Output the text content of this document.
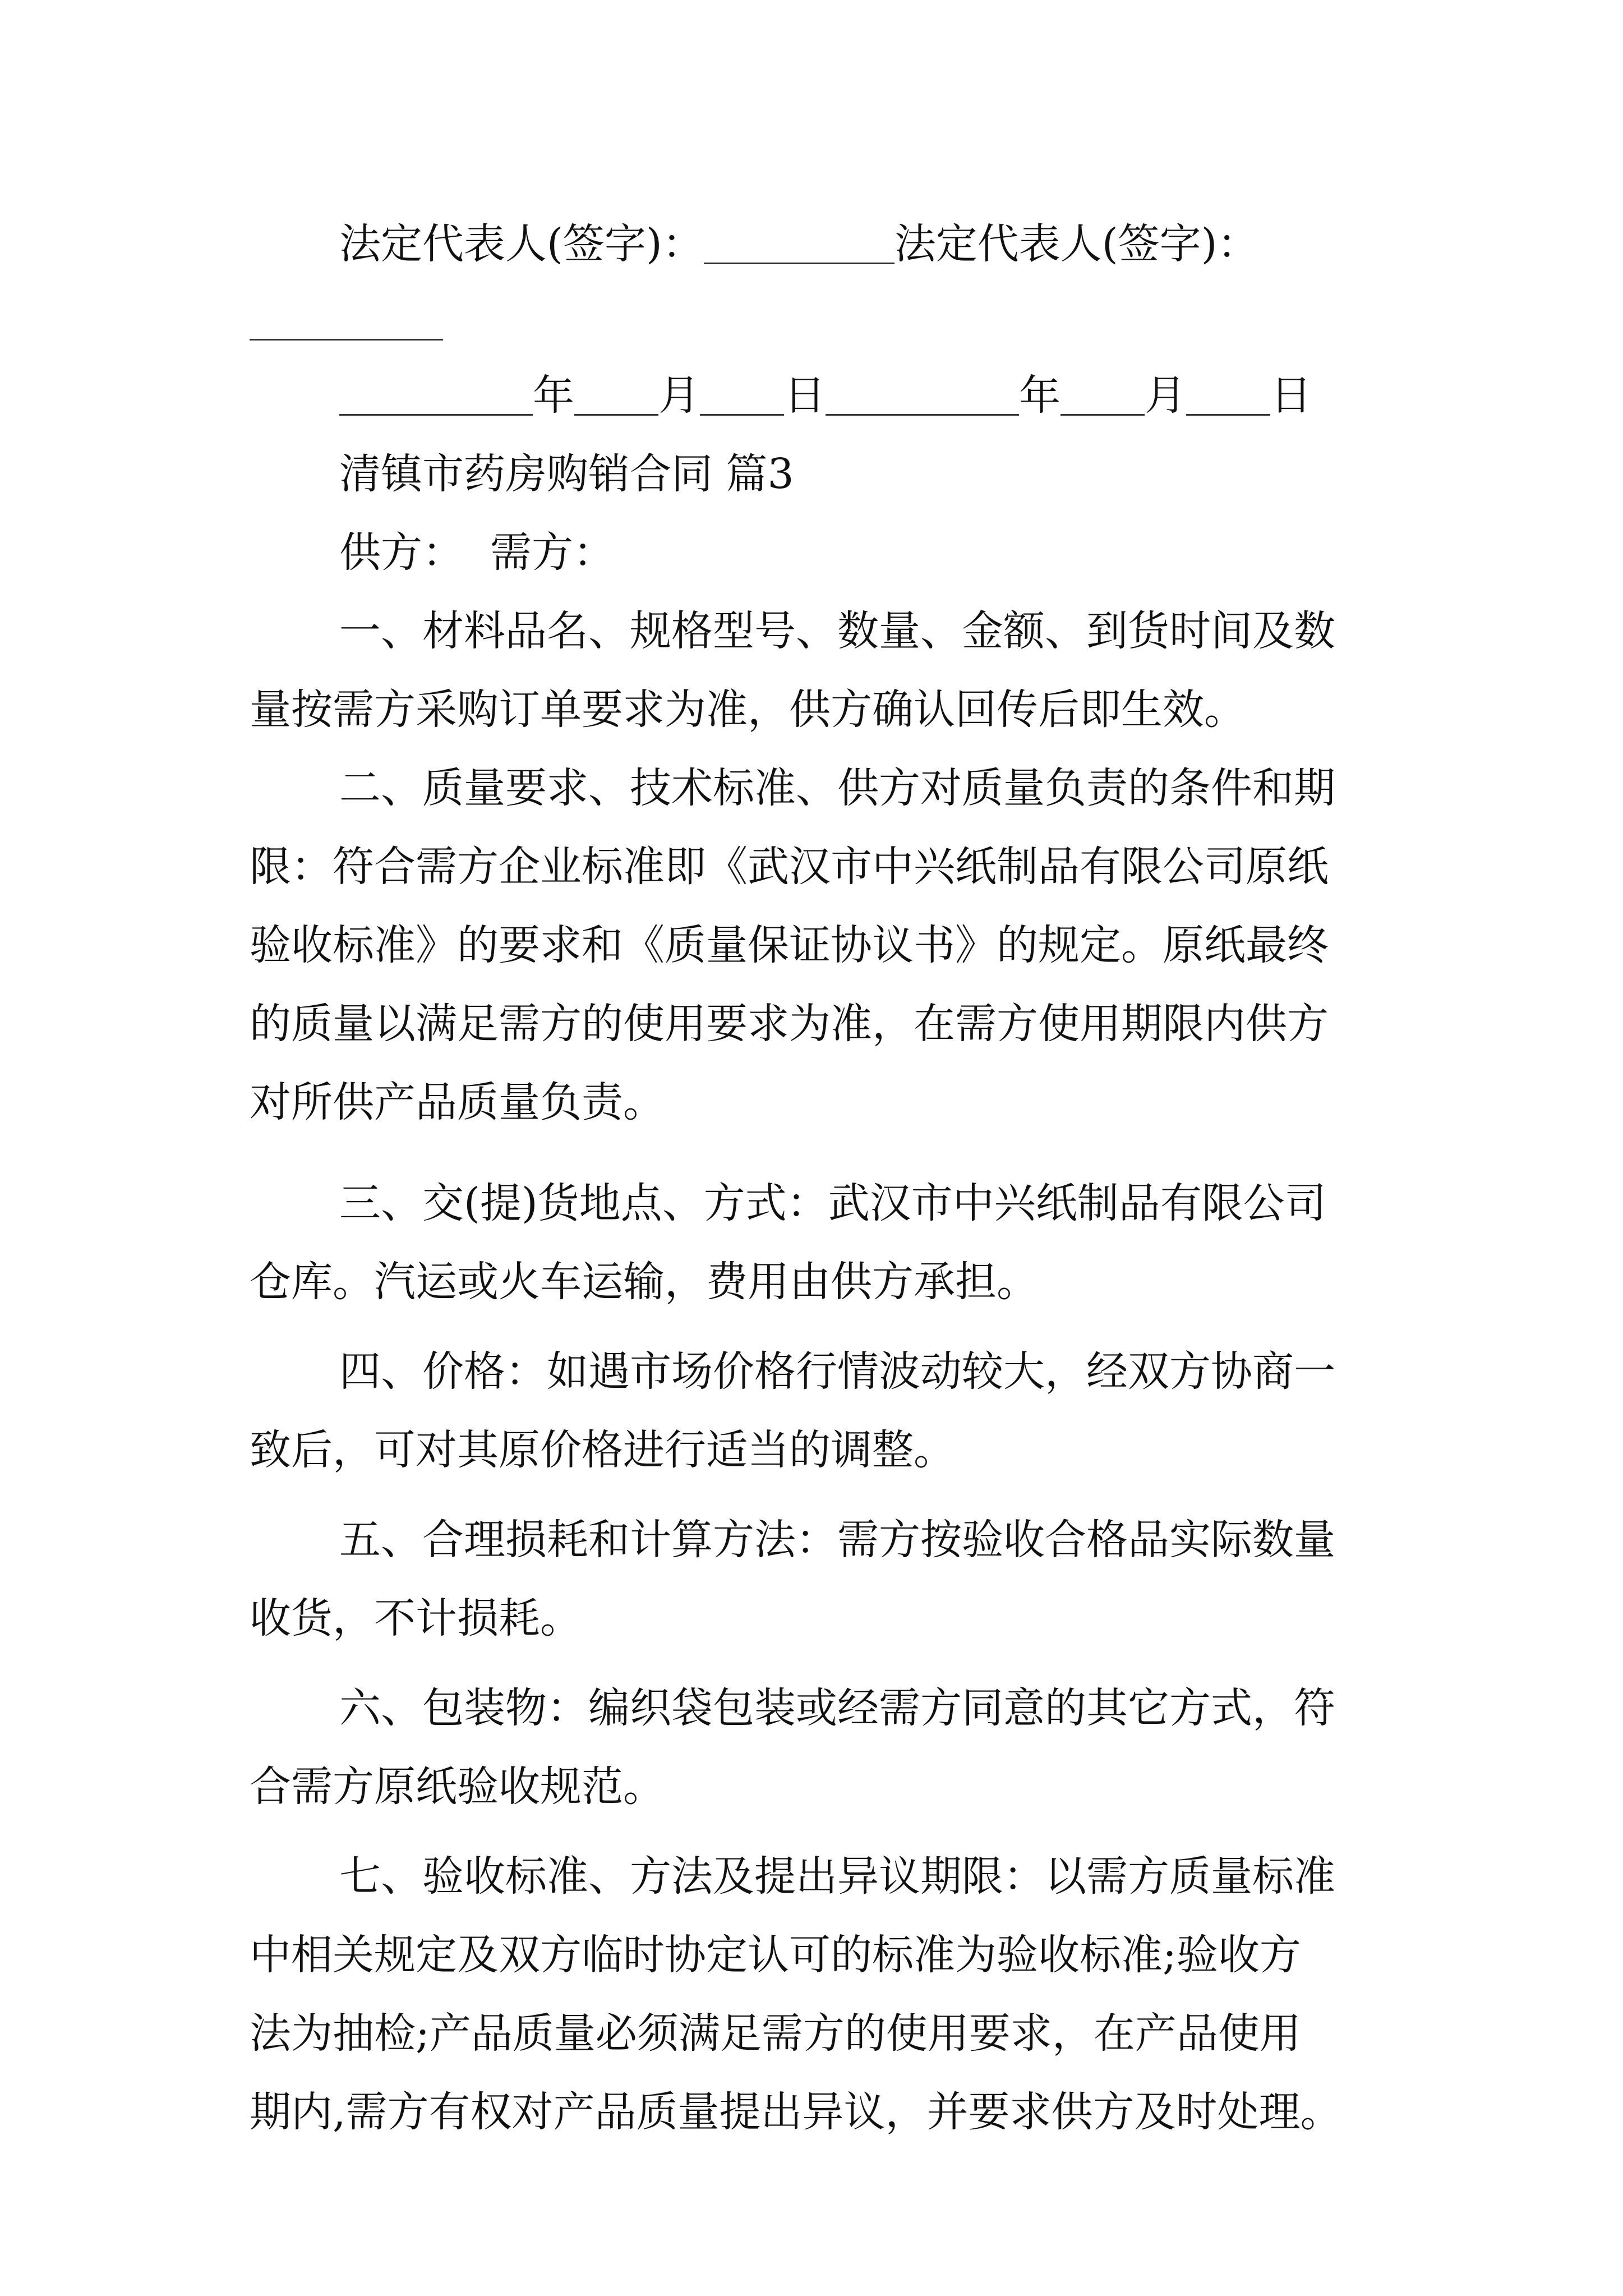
法定代表人(签字)：	法定代表人(签字)：
年 月 日	年 月 日
清镇市药房购销合同 篇3
供方：  需方：
一、材料品名、规格型号、数量、金额、到货时间及数
量按需方采购订单要求为准，供方确认回传后即生效。
二、质量要求、技术标准、供方对质量负责的条件和期
限：符合需方企业标准即《武汉市中兴纸制品有限公司原纸
验收标准》的要求和《质量保证协议书》的规定。原纸最终
的质量以满足需方的使用要求为准，在需方使用期限内供方
对所供产品质量负责。
三、交(提)货地点、方式：武汉市中兴纸制品有限公司
仓库。汽运或火车运输，费用由供方承担。
四、价格：如遇市场价格行情波动较大，经双方协商一
致后，可对其原价格进行适当的调整。
五、合理损耗和计算方法：需方按验收合格品实际数量
收货，不计损耗。
六、包装物：编织袋包装或经需方同意的其它方式，符
合需方原纸验收规范。
七、验收标准、方法及提出异议期限：以需方质量标准
中相关规定及双方临时协定认可的标准为验收标准;验收方
法为抽检;产品质量必须满足需方的使用要求，在产品使用
期内,需方有权对产品质量提出异议，并要求供方及时处理。
